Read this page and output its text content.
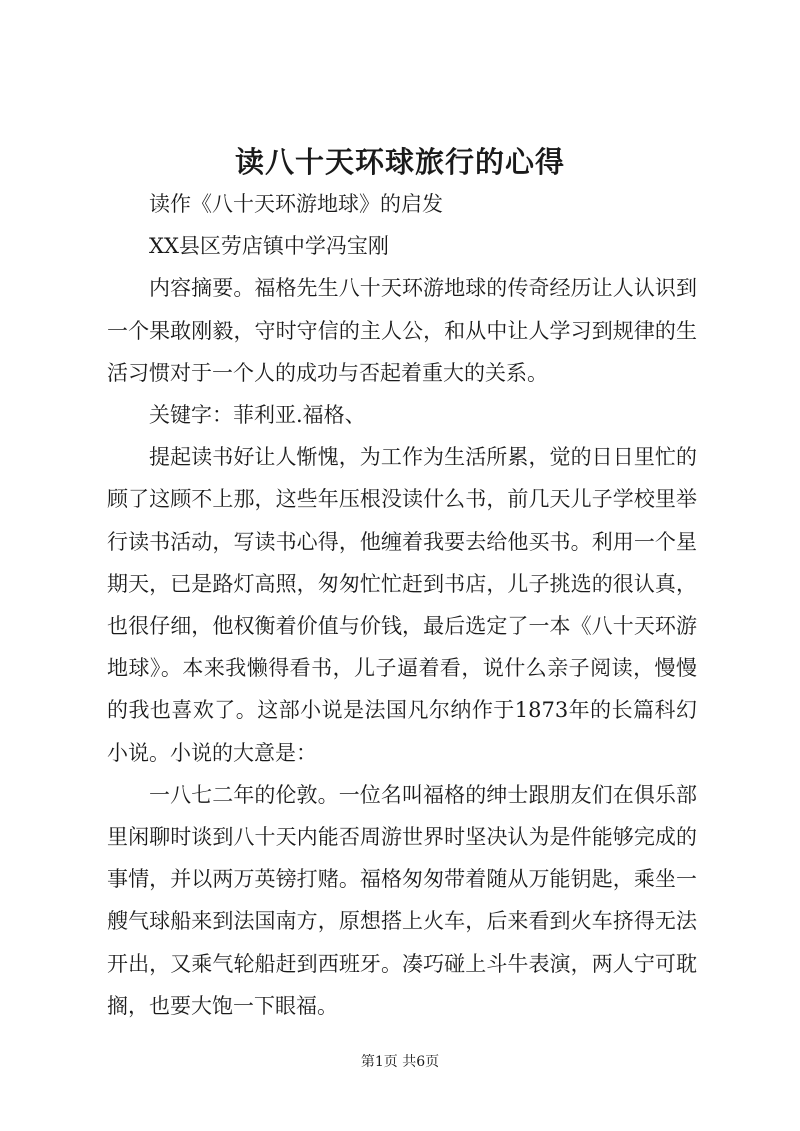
读八十天环球旅行的心得

读作《八十天环游地球》的启发

XX县区劳店镇中学冯宝刚

内容摘要。福格先生八十天环游地球的传奇经历让人认识到一个果敢刚毅，守时守信的主人公，和从中让人学习到规律的生活习惯对于一个人的成功与否起着重大的关系。

关键字：菲利亚.福格、

提起读书好让人惭愧，为工作为生活所累，觉的日日里忙的顾了这顾不上那，这些年压根没读什么书，前几天儿子学校里举行读书活动，写读书心得，他缠着我要去给他买书。利用一个星期天，已是路灯高照，匆匆忙忙赶到书店，儿子挑选的很认真，也很仔细，他权衡着价值与价钱，最后选定了一本《八十天环游地球》。本来我懒得看书，儿子逼着看，说什么亲子阅读，慢慢的我也喜欢了。这部小说是法国凡尔纳作于1873年的长篇科幻小说。小说的大意是：

一八七二年的伦敦。一位名叫福格的绅士跟朋友们在俱乐部里闲聊时谈到八十天内能否周游世界时坚决认为是件能够完成的事情，并以两万英镑打赌。福格匆匆带着随从万能钥匙，乘坐一艘气球船来到法国南方，原想搭上火车，后来看到火车挤得无法开出，又乘气轮船赶到西班牙。凑巧碰上斗牛表演，两人宁可耽搁，也要大饱一下眼福。

第1页 共6页
